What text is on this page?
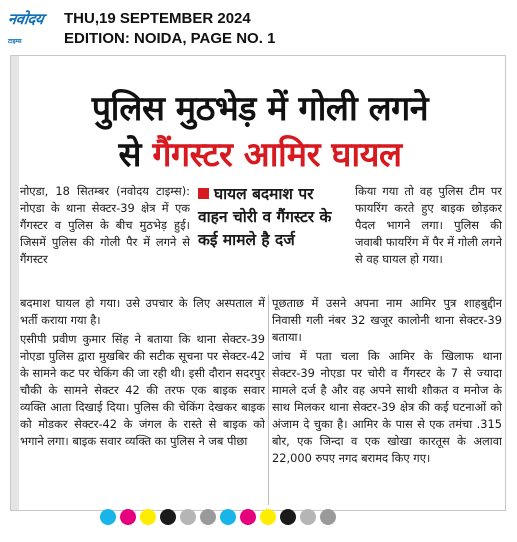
नवोदयटाइम्स
THU,19 SEPTEMBER 2024
EDITION: NOIDA, PAGE NO. 1
पुलिस मुठभेड़ में गोली लगने
से गैंगस्टर आमिर घायल

नोएडा, 18 सितम्बर (नवोदय टाइम्स): नोएडा के थाना सेक्टर-39 क्षेत्र में एक गैंगस्टर व पुलिस के बीच मुठभेड़ हुई। जिसमें पुलिस की गोली पैर में लगने से गैंगस्टर

घायल बदमाश पर वाहन चोरी व गैंगस्टर के कई मामले है दर्ज

किया गया तो वह पुलिस टीम पर फायरिंग करते हुए बाइक छोड़कर पैदल भागने लगा। पुलिस की जवाबी फायरिंग में पैर में गोली लगने से वह घायल हो गया।

बदमाश घायल हो गया। उसे उपचार के लिए अस्पताल में भर्ती कराया गया है।

एसीपी प्रवीण कुमार सिंह ने बताया कि थाना सेक्टर-39 नोएडा पुलिस द्वारा मुखबिर की सटीक सूचना पर सेक्टर-42 के सामने कट पर चेकिंग की जा रही थी। इसी दौरान सदरपुर चौकी के सामने सेक्टर 42 की तरफ एक बाइक सवार व्यक्ति आता दिखाई दिया। पुलिस की चेकिंग देखकर बाइक को मोडकर सेक्टर-42 के जंगल के रास्ते से बाइक को भगाने लगा। बाइक सवार व्यक्ति का पुलिस ने जब पीछा

पूछताछ में उसने अपना नाम आमिर पुत्र शाहबुद्दीन निवासी गली नंबर 32 खजूर कालोनी थाना सेक्टर-39 बताया।

जांच में पता चला कि आमिर के खिलाफ थाना सेक्टर-39 नोएडा पर चोरी व गैंगस्टर के 7 से ज्यादा मामले दर्ज है और वह अपने साथी शौकत व मनोज के साथ मिलकर थाना सेक्टर-39 क्षेत्र की कई घटनाओं को अंजाम दे चुका है। आमिर के पास से एक तमंचा .315 बोर, एक जिन्दा व एक खोखा कारतूस के अलावा 22,000 रुपए नगद बरामद किए गए।
